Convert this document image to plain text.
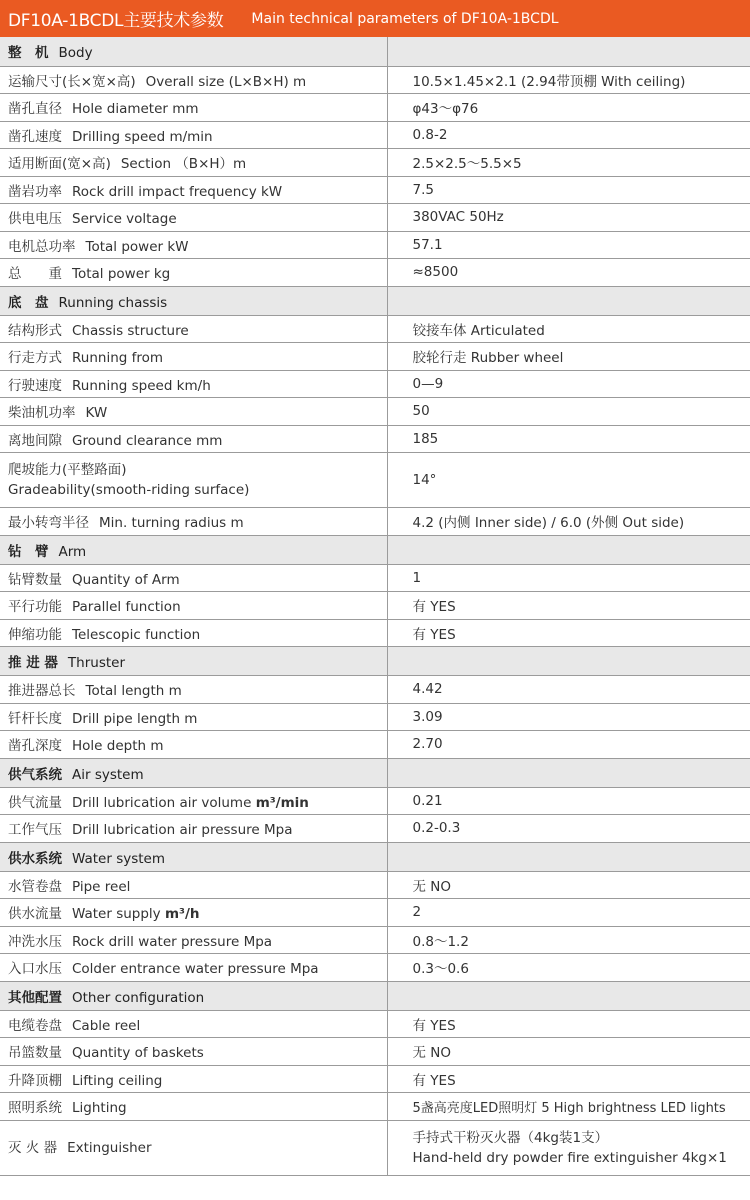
DF10A-1BCDL主要技术参数 Main technical parameters of DF10A-1BCDL
整　机 Body	
运输尺寸(长×宽×高) Overall size (L×B×H) m	10.5×1.45×2.1 (2.94带顶棚 With ceiling)
凿孔直径 Hole diameter mm	φ43～φ76
凿孔速度 Drilling speed m/min	0.8-2
适用断面(宽×高) Section （B×H）m	2.5×2.5～5.5×5
凿岩功率 Rock drill impact frequency kW	7.5
供电电压 Service voltage	380VAC 50Hz
电机总功率 Total power kW	57.1
总　　重 Total power kg	≈8500
底　盘 Running chassis	
结构形式 Chassis structure	铰接车体 Articulated
行走方式 Running from	胶轮行走 Rubber wheel
行驶速度 Running speed km/h	0—9
柴油机功率 KW	50
离地间隙 Ground clearance mm	185

爬坡能力(平整路面)
Gradeability(smooth-riding surface)	14°
最小转弯半径 Min. turning radius m	4.2 (内侧 Inner side) / 6.0 (外侧 Out side)
钻　臂 Arm	
钻臂数量 Quantity of Arm	1
平行功能 Parallel function	有 YES
伸缩功能 Telescopic function	有 YES
推 进 器 Thruster	
推进器总长 Total length m	4.42
钎杆长度 Drill pipe length m	3.09
凿孔深度 Hole depth m	2.70
供气系统 Air system	
供气流量 Drill lubrication air volume m³/min	0.21
工作气压 Drill lubrication air pressure Mpa	0.2-0.3
供水系统 Water system	
水管卷盘 Pipe reel	无 NO
供水流量 Water supply m³/h	2
冲洗水压 Rock drill water pressure Mpa	0.8～1.2
入口水压 Colder entrance water pressure Mpa	0.3～0.6
其他配置 Other configuration	
电缆卷盘 Cable reel	有 YES
吊篮数量 Quantity of baskets	无 NO
升降顶棚 Lifting ceiling	有 YES
照明系统 Lighting	5盏高亮度LED照明灯 5 High brightness LED lights
灭 火 器 Extinguisher	手持式干粉灭火器（4kg装1支）
Hand-held dry powder fire extinguisher 4kg×1
